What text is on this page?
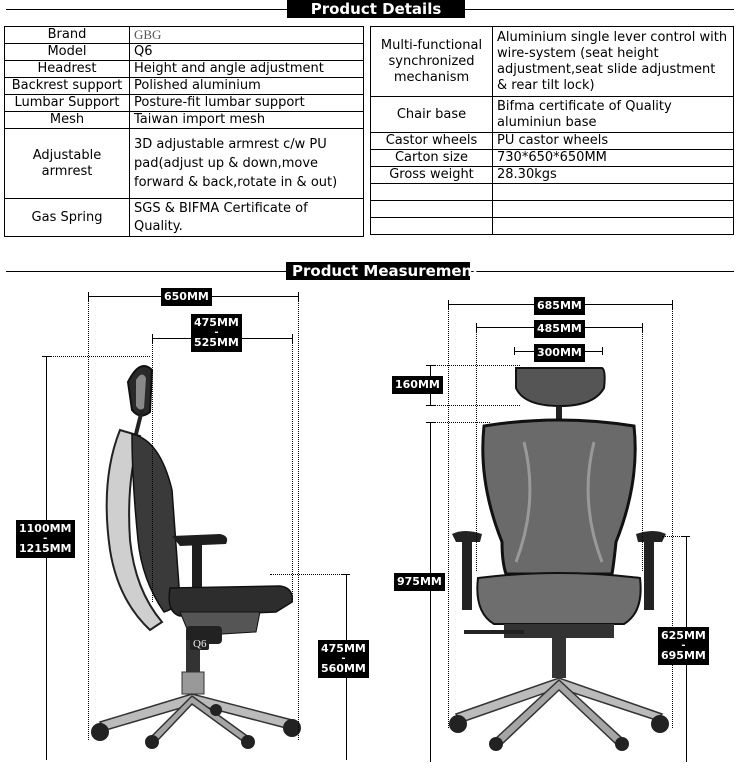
Product Details
Brand	GBG
Model	Q6
Headrest	Height and angle adjustment
Backrest support	Polished aluminium
Lumbar Support	Posture-fit lumbar support
Mesh	Taiwan import mesh
Adjustable armrest	3D adjustable armrest c/w PU pad(adjust up & down,move forward & back,rotate in & out)
Gas Spring	SGS & BIFMA Certificate of Quality.
Multi-functional synchronized mechanism	Aluminium single lever control with wire-system (seat height adjustment,seat slide adjustment & rear tilt lock)
Chair base	Bifma certificate of Quality aluminiun base
Castor wheels	PU castor wheels
Carton size	730*650*650MM
Gross weight	28.30kgs

Product Measurement
Q6
650MM
475MM
-
525MM
1100MM
-
1215MM
475MM
-
560MM
685MM
485MM
300MM
160MM
975MM
625MM
-
695MM
